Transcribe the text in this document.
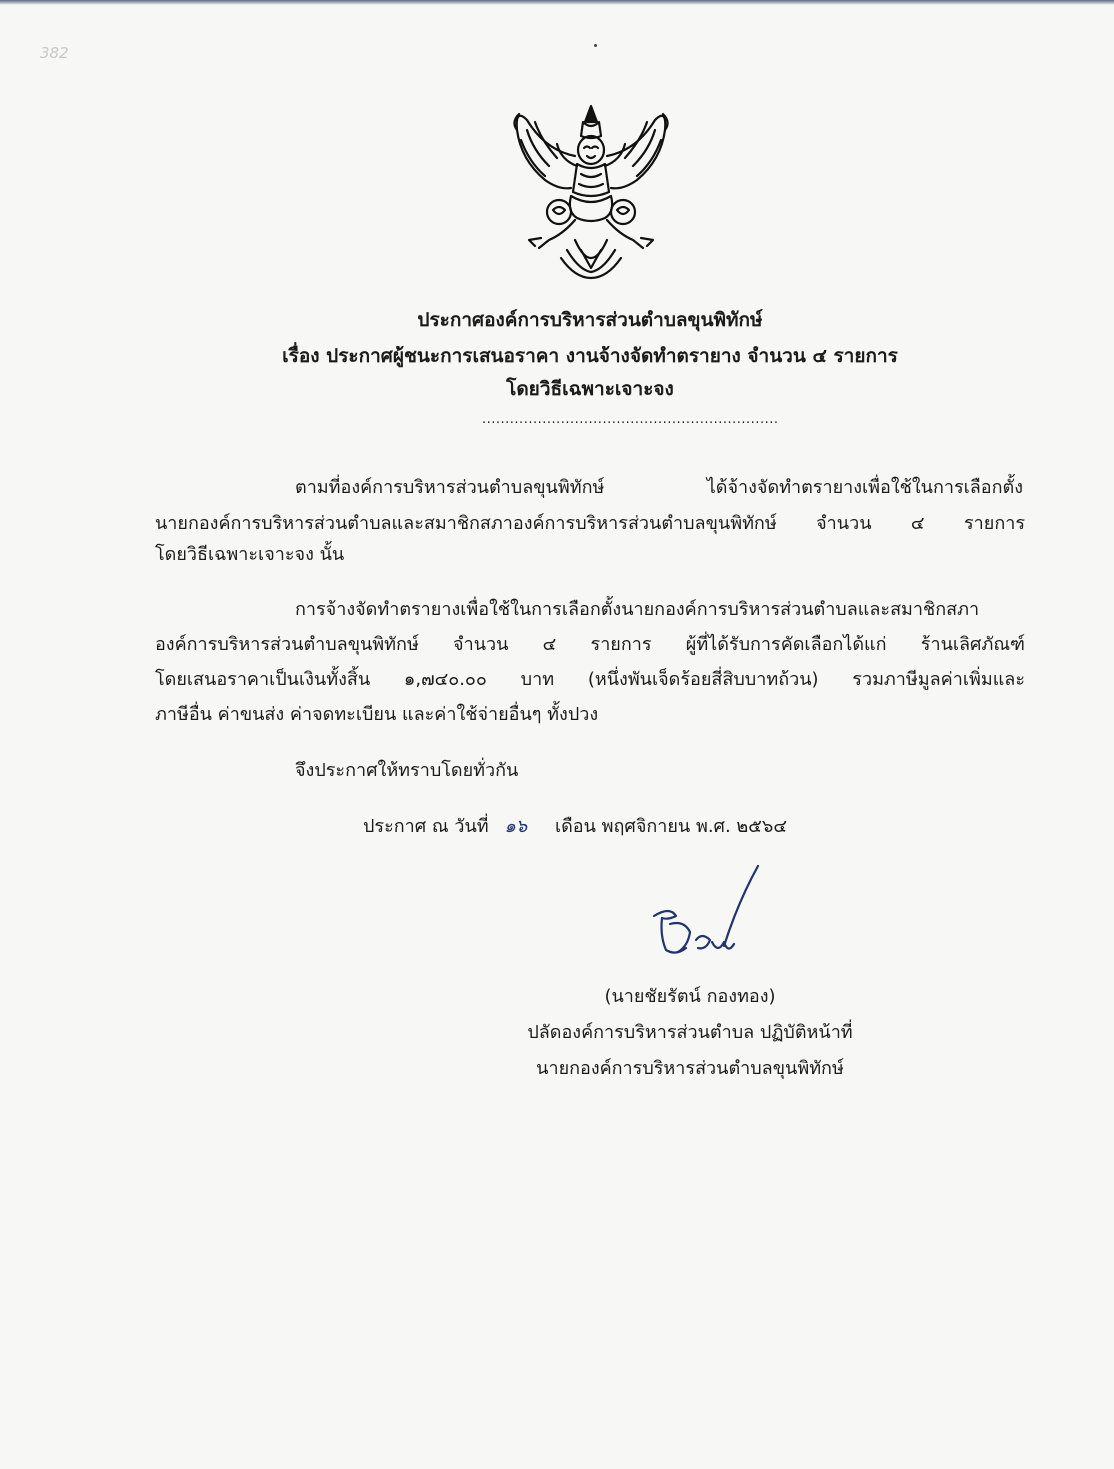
382
ประกาศองค์การบริหารส่วนตำบลขุนพิทักษ์
เรื่อง ประกาศผู้ชนะการเสนอราคา งานจ้างจัดทำตรายาง จำนวน ๔ รายการ
โดยวิธีเฉพาะเจาะจง
................................................................
ตามที่องค์การบริหารส่วนตำบลขุนพิทักษ์ ได้จ้างจัดทำตรายางเพื่อใช้ในการเลือกตั้ง
นายกองค์การบริหารส่วนตำบลและสมาชิกสภาองค์การบริหารส่วนตำบลขุนพิทักษ์ จำนวน ๔ รายการ
โดยวิธีเฉพาะเจาะจง นั้น
การจ้างจัดทำตรายางเพื่อใช้ในการเลือกตั้งนายกองค์การบริหารส่วนตำบลและสมาชิกสภา
องค์การบริหารส่วนตำบลขุนพิทักษ์ จำนวน ๔ รายการ ผู้ที่ได้รับการคัดเลือกได้แก่ ร้านเลิศภัณฑ์
โดยเสนอราคาเป็นเงินทั้งสิ้น ๑,๗๔๐.๐๐ บาท (หนึ่งพันเจ็ดร้อยสี่สิบบาทถ้วน) รวมภาษีมูลค่าเพิ่มและ
ภาษีอื่น ค่าขนส่ง ค่าจดทะเบียน และค่าใช้จ่ายอื่นๆ ทั้งปวง
จึงประกาศให้ทราบโดยทั่วกัน
ประกาศ ณ วันที่ ๑๖ เดือน พฤศจิกายน พ.ศ. ๒๕๖๔
(นายชัยรัตน์ กองทอง)
ปลัดองค์การบริหารส่วนตำบล ปฏิบัติหน้าที่
นายกองค์การบริหารส่วนตำบลขุนพิทักษ์
